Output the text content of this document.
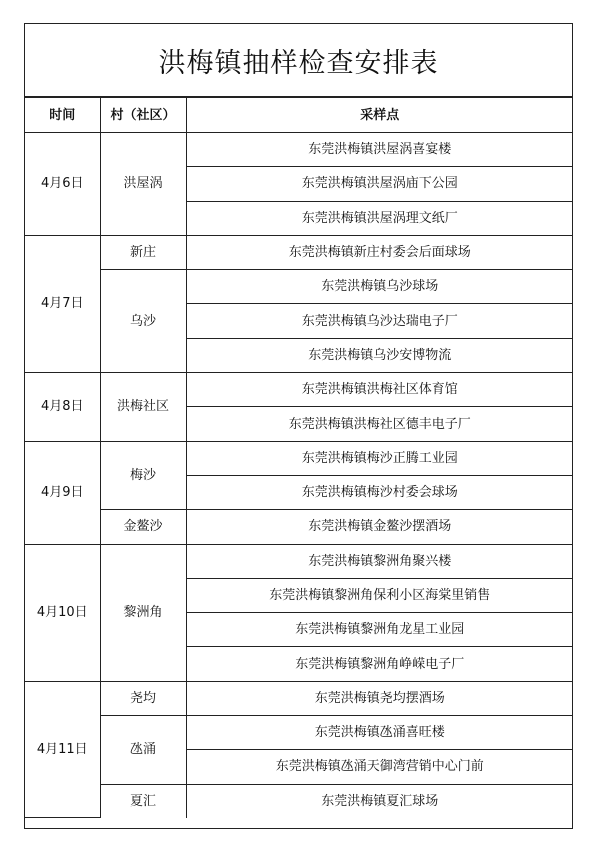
洪梅镇抽样检查安排表
时间	村（社区）	采样点
4月6日	洪屋涡	东莞洪梅镇洪屋涡喜宴楼
		东莞洪梅镇洪屋涡庙下公园
		东莞洪梅镇洪屋涡理文纸厂
4月7日	新庄	东莞洪梅镇新庄村委会后面球场
	乌沙	东莞洪梅镇乌沙球场
		东莞洪梅镇乌沙达瑞电子厂
		东莞洪梅镇乌沙安博物流
4月8日	洪梅社区	东莞洪梅镇洪梅社区体育馆
		东莞洪梅镇洪梅社区德丰电子厂
4月9日	梅沙	东莞洪梅镇梅沙正腾工业园
		东莞洪梅镇梅沙村委会球场
	金鳌沙	东莞洪梅镇金鳌沙摆酒场
4月10日	黎洲角	东莞洪梅镇黎洲角聚兴楼
		东莞洪梅镇黎洲角保利小区海棠里销售
		东莞洪梅镇黎洲角龙星工业园
		东莞洪梅镇黎洲角峥嵘电子厂
4月11日	尧均	东莞洪梅镇尧均摆酒场
	氹涌	东莞洪梅镇氹涌喜旺楼
		东莞洪梅镇氹涌天御湾营销中心门前
	夏汇	东莞洪梅镇夏汇球场
